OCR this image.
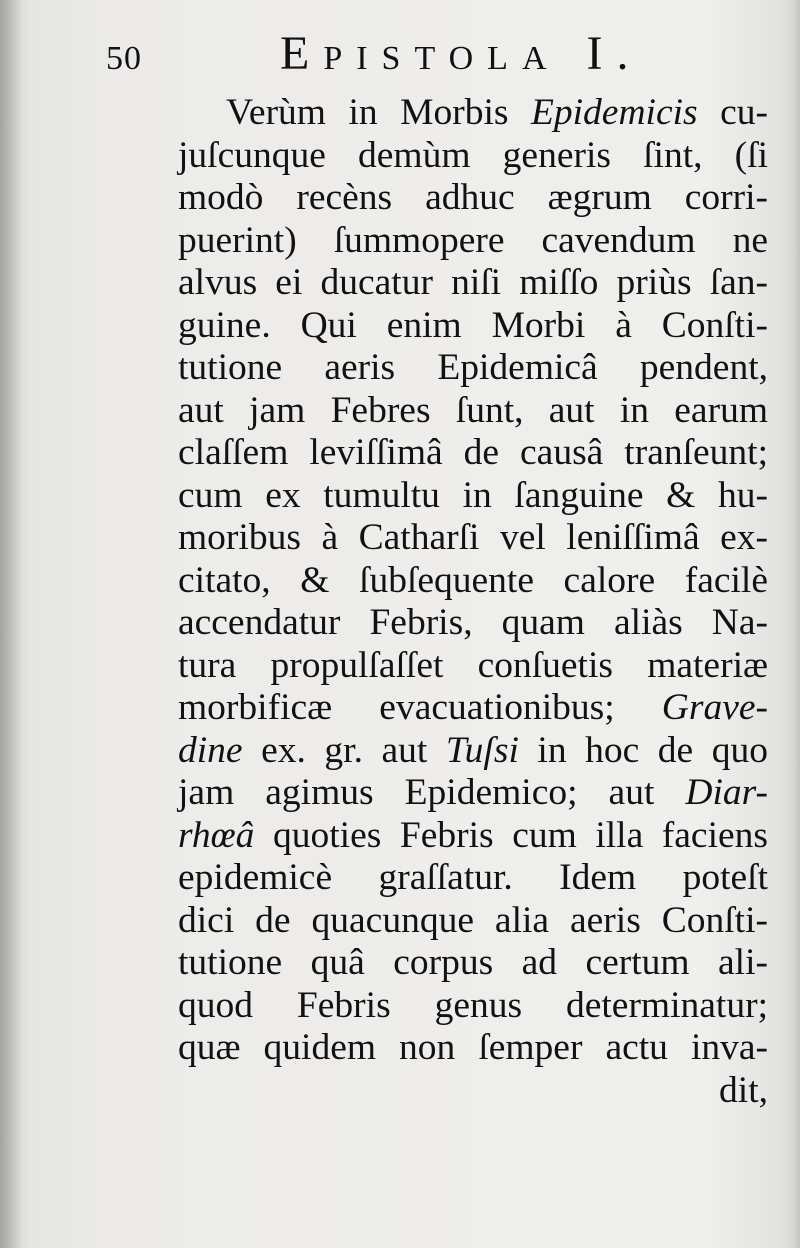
50	Epistola I.
Verùm in Morbis Epidemicis cu-
juſcunque demùm generis ſint, (ſi
modò recèns adhuc ægrum corri-
puerint) ſummopere cavendum ne
alvus ei ducatur niſi miſſo priùs ſan-
guine. Qui enim Morbi à Conſti-
tutione aeris Epidemicâ pendent,
aut jam Febres ſunt, aut in earum
claſſem leviſſimâ de causâ tranſeunt;
cum ex tumultu in ſanguine & hu-
moribus à Catharſi vel leniſſimâ ex-
citato, & ſubſequente calore facilè
accendatur Febris, quam aliàs Na-
tura propulſaſſet conſuetis materiæ
morbificæ evacuationibus; Grave-
dine ex. gr. aut Tuſsi in hoc de quo
jam agimus Epidemico; aut Diar-
rhœâ quoties Febris cum illa faciens
epidemicè graſſatur. Idem poteſt
dici de quacunque alia aeris Conſti-
tutione quâ corpus ad certum ali-
quod Febris genus determinatur;
quæ quidem non ſemper actu inva-
dit,
